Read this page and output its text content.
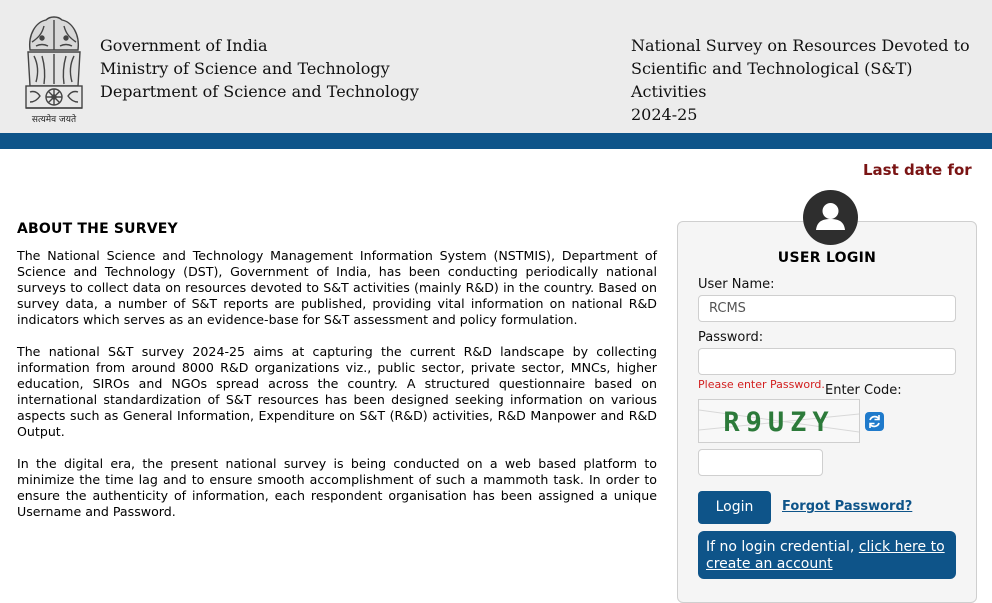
सत्यमेव जयते
Government of India
Ministry of Science and Technology
Department of Science and Technology
National Survey on Resources Devoted to
Scientific and Technological (S&T) Activities
2024-25
Last date for
ABOUT THE SURVEY

The National Science and Technology Management Information System (NSTMIS), Department of Science and Technology (DST), Government of India, has been conducting periodically national surveys to collect data on resources devoted to S&T activities (mainly R&D) in the country. Based on survey data, a number of S&T reports are published, providing vital information on national R&D indicators which serves as an evidence-base for S&T assessment and policy formulation.

The national S&T survey 2024-25 aims at capturing the current R&D landscape by collecting information from around 8000 R&D organizations viz., public sector, private sector, MNCs, higher education, SIROs and NGOs spread across the country. A structured questionnaire based on international standardization of S&T resources has been designed seeking information on various aspects such as General Information, Expenditure on S&T (R&D) activities, R&D Manpower and R&D Output.

In the digital era, the present national survey is being conducted on a web based platform to minimize the time lag and to ensure smooth accomplishment of such a mammoth task. In order to ensure the authenticity of information, each respondent organisation has been assigned a unique Username and Password.

USER LOGIN
User Name:
RCMS
Password:
Please enter Password. Enter Code:
R9UZY
Login	Forgot Password?
If no login credential, click here to create an account
